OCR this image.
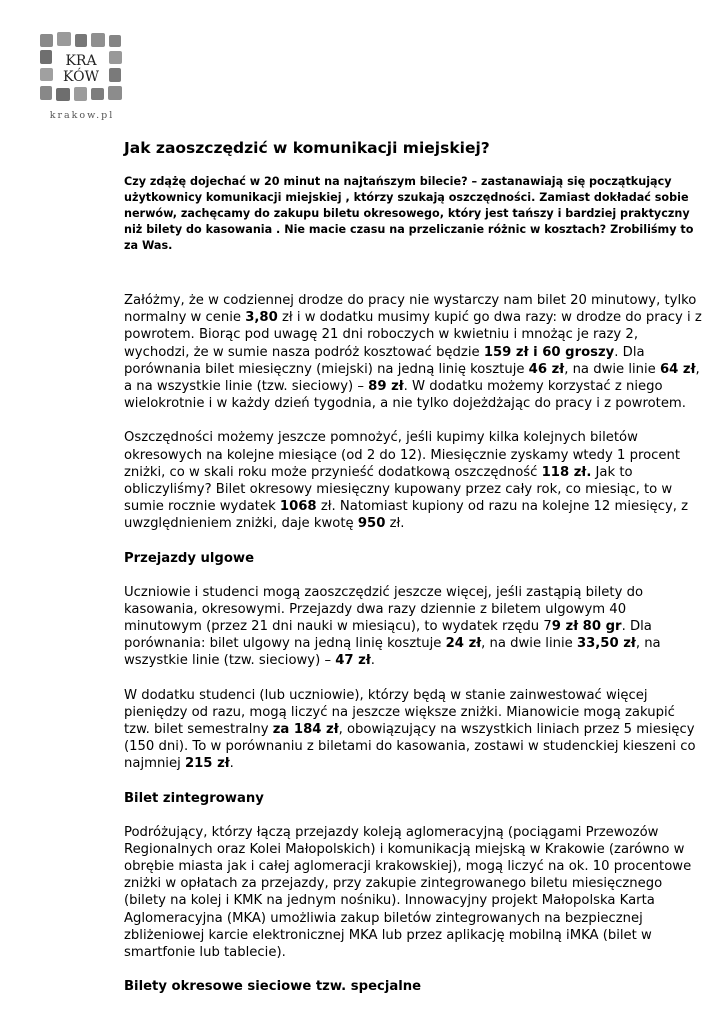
KRA
KÓW
krakow.pl
Jak zaoszczędzić w komunikacji miejskiej?
Czy zdążę dojechać w 20 minut na najtańszym bilecie? – zastanawiają się początkujący użytkownicy komunikacji miejskiej , którzy szukają oszczędności. Zamiast dokładać sobie nerwów, zachęcamy do zakupu biletu okresowego, który jest tańszy i bardziej praktyczny niż bilety do kasowania . Nie macie czasu na przeliczanie różnic w kosztach? Zrobiliśmy to za Was.

Załóżmy, że w codziennej drodze do pracy nie wystarczy nam bilet 20 minutowy, tylko normalny w cenie 3,80 zł i w dodatku musimy kupić go dwa razy: w drodze do pracy i z powrotem. Biorąc pod uwagę 21 dni roboczych w kwietniu i mnożąc je razy 2, wychodzi, że w sumie nasza podróż kosztować będzie 159 zł i 60 groszy. Dla porównania bilet miesięczny (miejski) na jedną linię kosztuje 46 zł, na dwie linie 64 zł, a na wszystkie linie (tzw. sieciowy) – 89 zł. W dodatku możemy korzystać z niego wielokrotnie i w każdy dzień tygodnia, a nie tylko dojeżdżając do pracy i z powrotem.

Oszczędności możemy jeszcze pomnożyć, jeśli kupimy kilka kolejnych biletów okresowych na kolejne miesiące (od 2 do 12). Miesięcznie zyskamy wtedy 1 procent zniżki, co w skali roku może przynieść dodatkową oszczędność 118 zł. Jak to obliczyliśmy? Bilet okresowy miesięczny kupowany przez cały rok, co miesiąc, to w sumie rocznie wydatek 1068 zł. Natomiast kupiony od razu na kolejne 12 miesięcy, z uwzględnieniem zniżki, daje kwotę 950 zł.

Przejazdy ulgowe

Uczniowie i studenci mogą zaoszczędzić jeszcze więcej, jeśli zastąpią bilety do kasowania, okresowymi. Przejazdy dwa razy dziennie z biletem ulgowym 40 minutowym (przez 21 dni nauki w miesiącu), to wydatek rzędu 79 zł 80 gr. Dla porównania: bilet ulgowy na jedną linię kosztuje 24 zł, na dwie linie 33,50 zł, na wszystkie linie (tzw. sieciowy) – 47 zł.

W dodatku studenci (lub uczniowie), którzy będą w stanie zainwestować więcej pieniędzy od razu, mogą liczyć na jeszcze większe zniżki. Mianowicie mogą zakupić tzw. bilet semestralny za 184 zł, obowiązujący na wszystkich liniach przez 5 miesięcy (150 dni). To w porównaniu z biletami do kasowania, zostawi w studenckiej kieszeni co najmniej 215 zł.

Bilet zintegrowany

Podróżujący, którzy łączą przejazdy koleją aglomeracyjną (pociągami Przewozów Regionalnych oraz Kolei Małopolskich) i komunikacją miejską w Krakowie (zarówno w obrębie miasta jak i całej aglomeracji krakowskiej), mogą liczyć na ok. 10 procentowe zniżki w opłatach za przejazdy, przy zakupie zintegrowanego biletu miesięcznego (bilety na kolej i KMK na jednym nośniku). Innowacyjny projekt Małopolska Karta Aglomeracyjna (MKA) umożliwia zakup biletów zintegrowanych na bezpiecznej zbliżeniowej karcie elektronicznej MKA lub przez aplikację mobilną iMKA (bilet w smartfonie lub tablecie).

Bilety okresowe sieciowe tzw. specjalne
